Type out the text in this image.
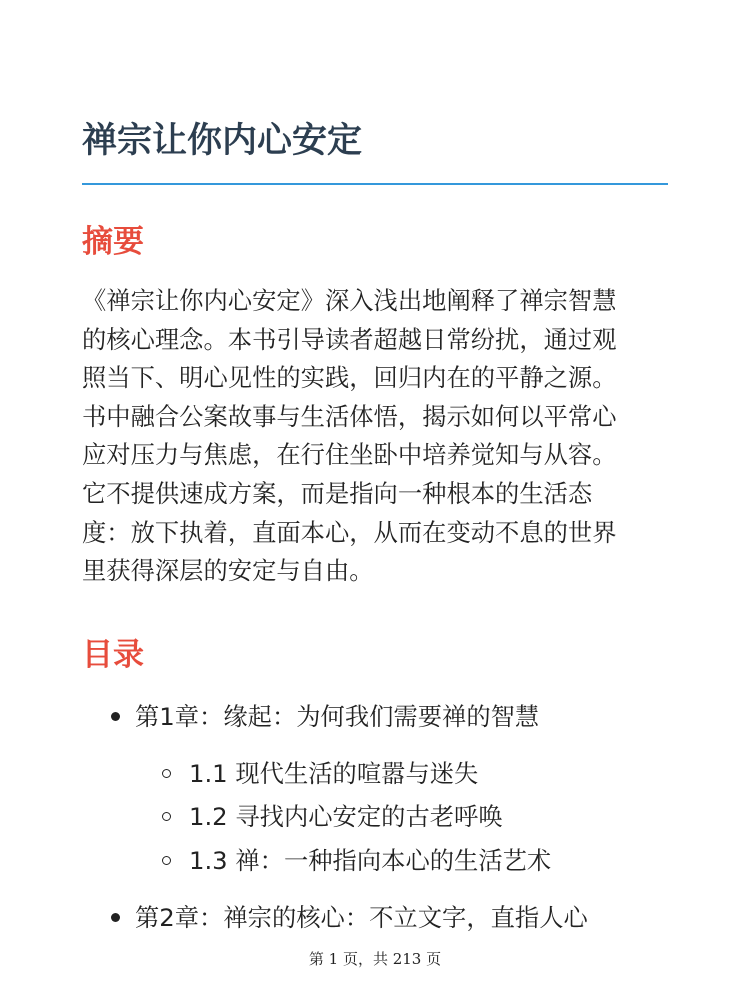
禅宗让你内心安定
摘要

《禅宗让你内心安定》深入浅出地阐释了禅宗智慧
的核心理念。本书引导读者超越日常纷扰，通过观
照当下、明心见性的实践，回归内在的平静之源。
书中融合公案故事与生活体悟，揭示如何以平常心
应对压力与焦虑，在行住坐卧中培养觉知与从容。
它不提供速成方案，而是指向一种根本的生活态
度：放下执着，直面本心，从而在变动不息的世界
里获得深层的安定与自由。

目录
第1章：缘起：为何我们需要禅的智慧
1.1 现代生活的喧嚣与迷失
1.2 寻找内心安定的古老呼唤
1.3 禅：一种指向本心的生活艺术
第2章：禅宗的核心：不立文字，直指人心
第 1 页，共 213 页
